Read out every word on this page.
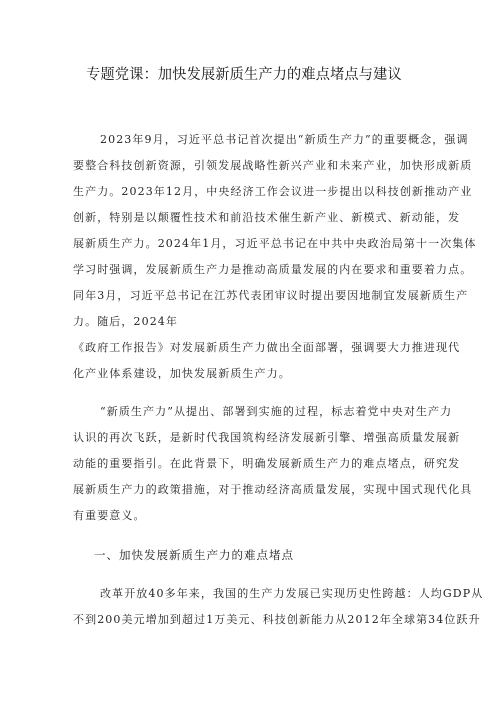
专题党课：加快发展新质生产力的难点堵点与建议
2023年9月，习近平总书记首次提出“新质生产力”的重要概念，强调
要整合科技创新资源，引领发展战略性新兴产业和未来产业，加快形成新质
生产力。2023年12月，中央经济工作会议进一步提出以科技创新推动产业
创新，特别是以颠覆性技术和前沿技术催生新产业、新模式、新动能，发
展新质生产力。2024年1月，习近平总书记在中共中央政治局第十一次集体
学习时强调，发展新质生产力是推动高质量发展的内在要求和重要着力点。
同年3月，习近平总书记在江苏代表团审议时提出要因地制宜发展新质生产
力。随后，2024年
《政府工作报告》对发展新质生产力做出全面部署，强调要大力推进现代
化产业体系建设，加快发展新质生产力。
“新质生产力”从提出、部署到实施的过程，标志着党中央对生产力
认识的再次飞跃，是新时代我国筑构经济发展新引擎、增强高质量发展新
动能的重要指引。在此背景下，明确发展新质生产力的难点堵点，研究发
展新质生产力的政策措施，对于推动经济高质量发展，实现中国式现代化具
有重要意义。
一、加快发展新质生产力的难点堵点
改革开放40多年来，我国的生产力发展已实现历史性跨越：人均GDP从
不到200美元增加到超过1万美元、科技创新能力从2012年全球第34位跃升
